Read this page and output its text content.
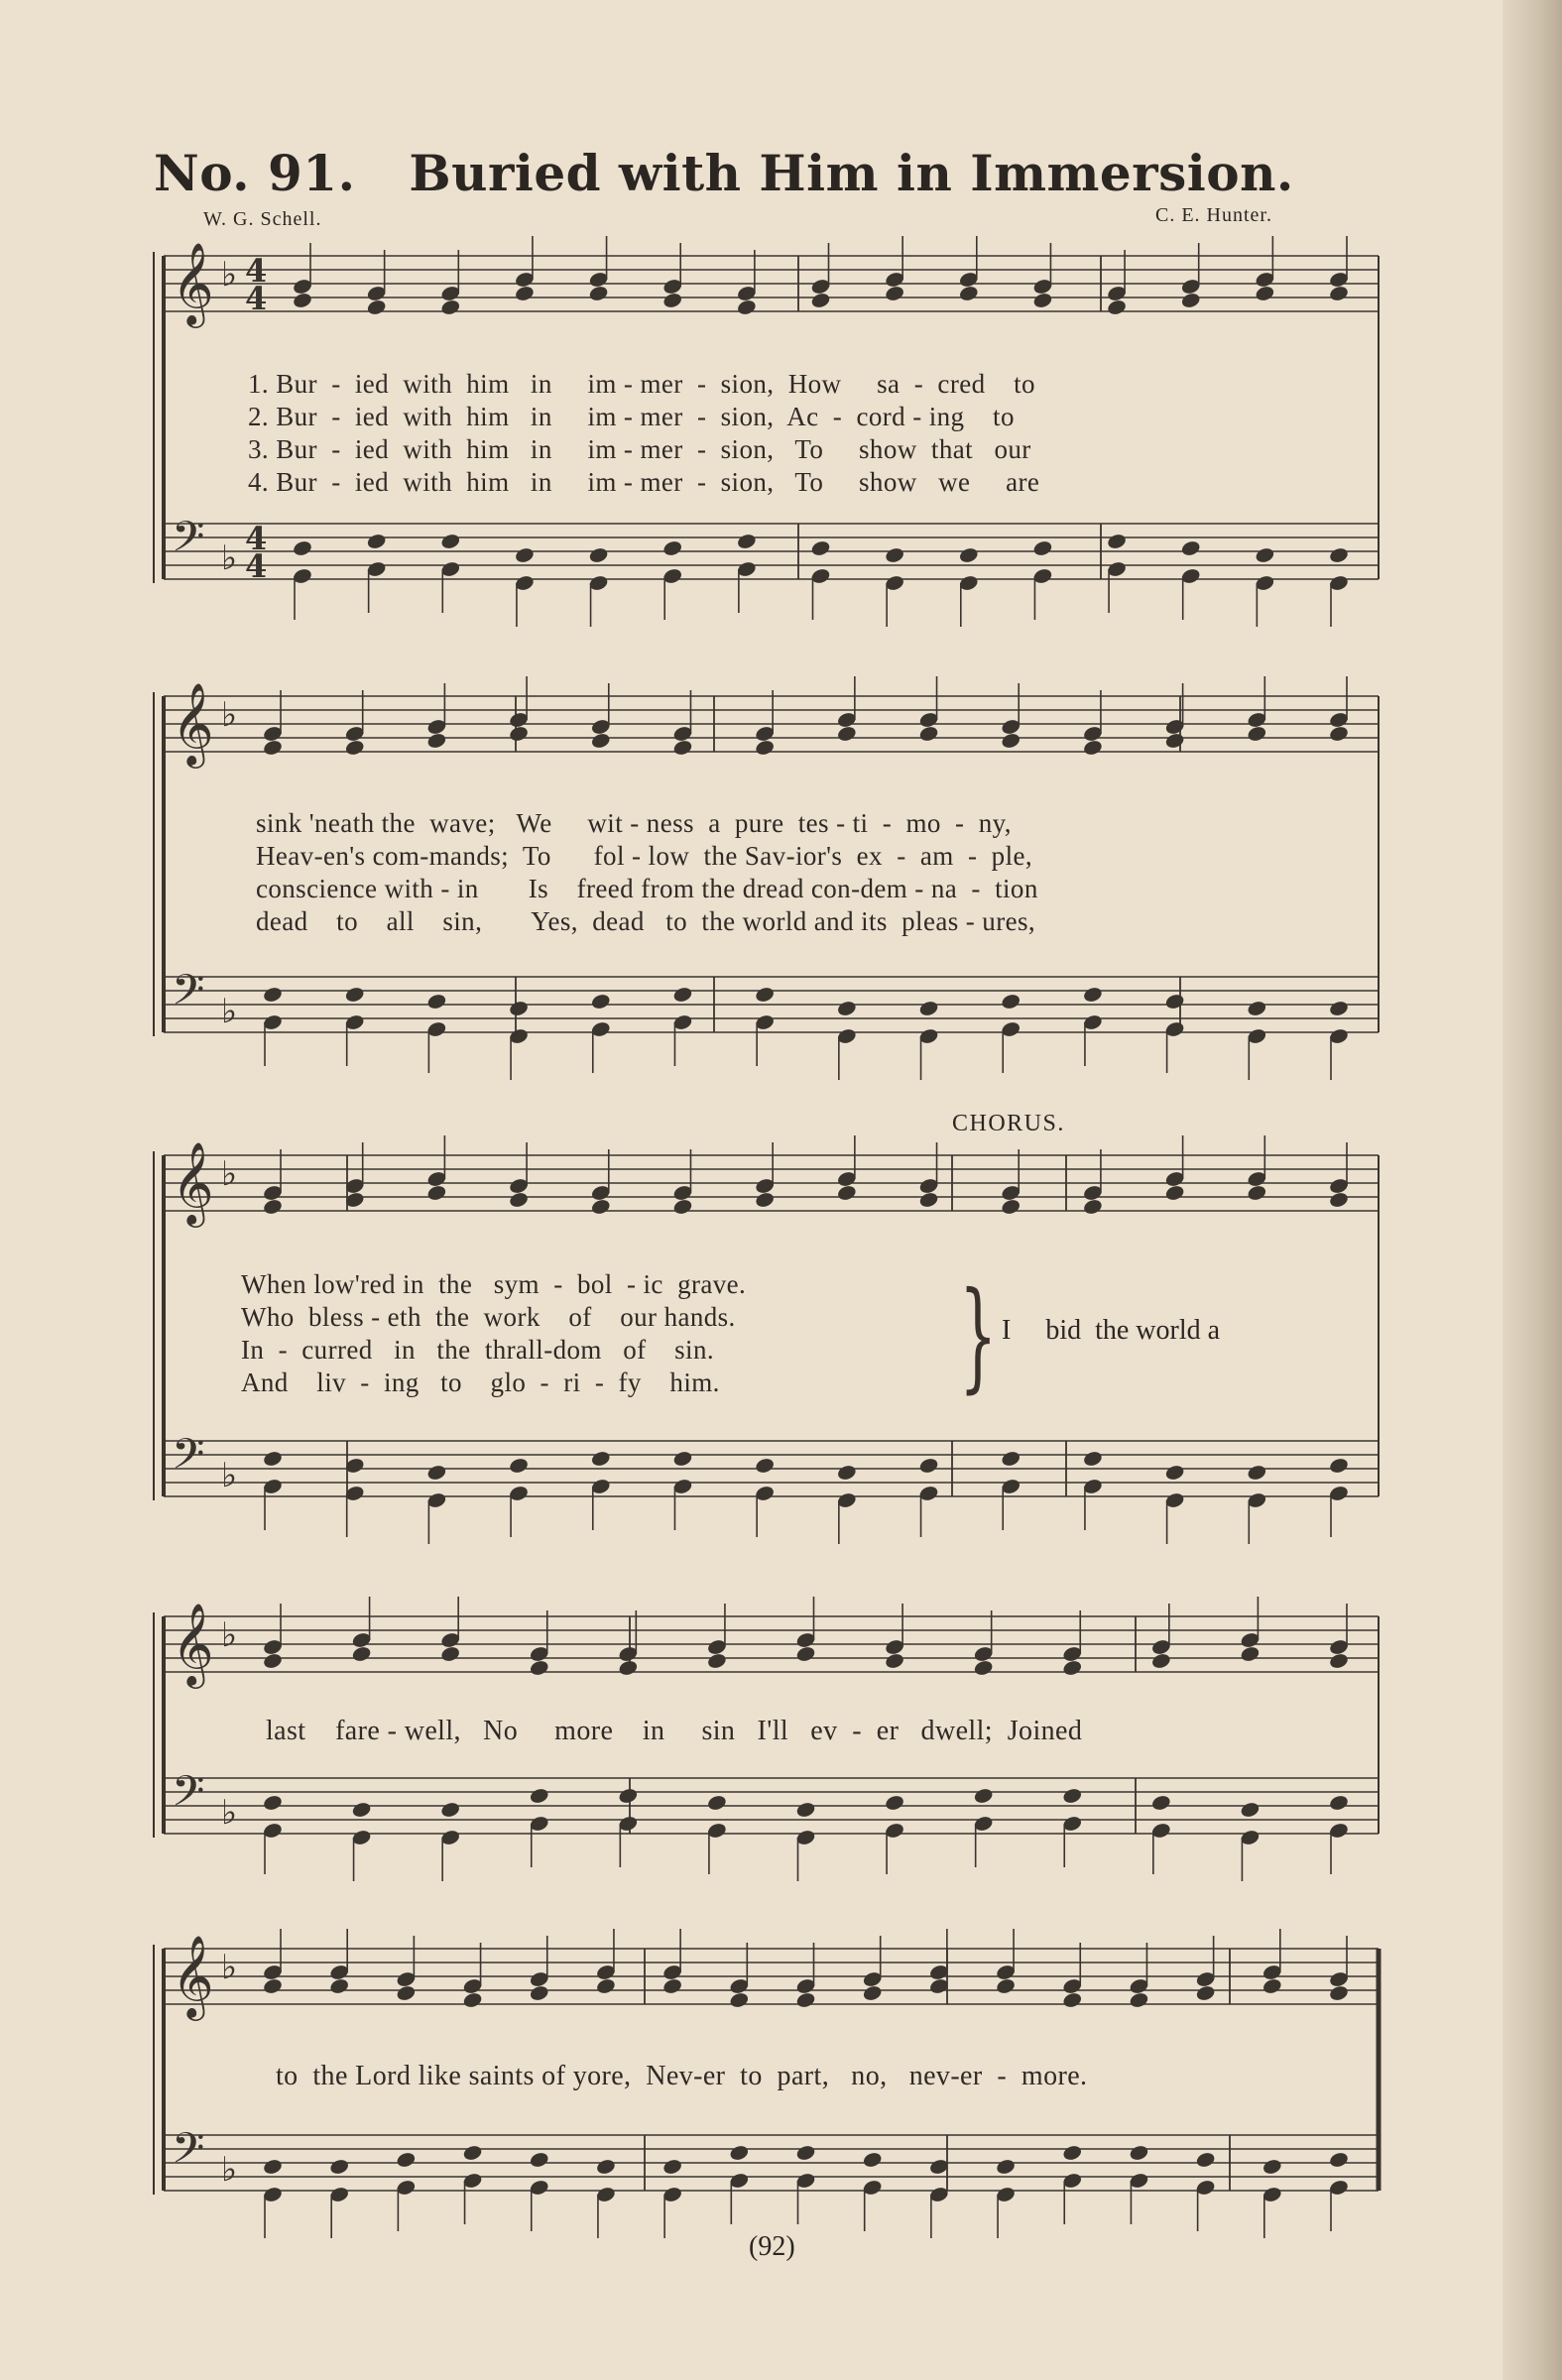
No. 91. Buried with Him in Immersion.
W. G. Schell.	C. E. Hunter.
𝄞 ♭
𝄢 ♭
4
4
4
4
𝄞 ♭
𝄢 ♭
𝄞 ♭
𝄢 ♭
𝄞 ♭
𝄢 ♭
𝄞 ♭
𝄢 ♭
1. Bur  -  ied  with  him   in     im - mer  -  sion,  How     sa  -  cred    to
2. Bur  -  ied  with  him   in     im - mer  -  sion,  Ac  -  cord - ing    to
3. Bur  -  ied  with  him   in     im - mer  -  sion,   To     show  that   our
4. Bur  -  ied  with  him   in     im - mer  -  sion,   To     show   we     are
sink 'neath the  wave;   We     wit - ness  a  pure  tes - ti  -  mo  -  ny,
Heav-en's com-mands;  To      fol - low  the Sav-ior's  ex  -  am  -  ple,
conscience with - in       Is    freed from the dread con-dem - na  -  tion
dead    to    all    sin,       Yes,  dead   to  the world and its  pleas - ures,
CHORUS.
When low'red in  the   sym  -  bol  - ic  grave.
Who  bless - eth  the  work    of    our hands.
In  -  curred   in   the  thrall-dom   of    sin.
And    liv  -  ing   to    glo  -  ri  -  fy    him. } I     bid  the world a
last    fare - well,   No     more    in     sin   I'll   ev  -  er   dwell;  Joined
to  the Lord like saints of yore,  Nev-er  to  part,   no,   nev-er  -  more.
(92)
